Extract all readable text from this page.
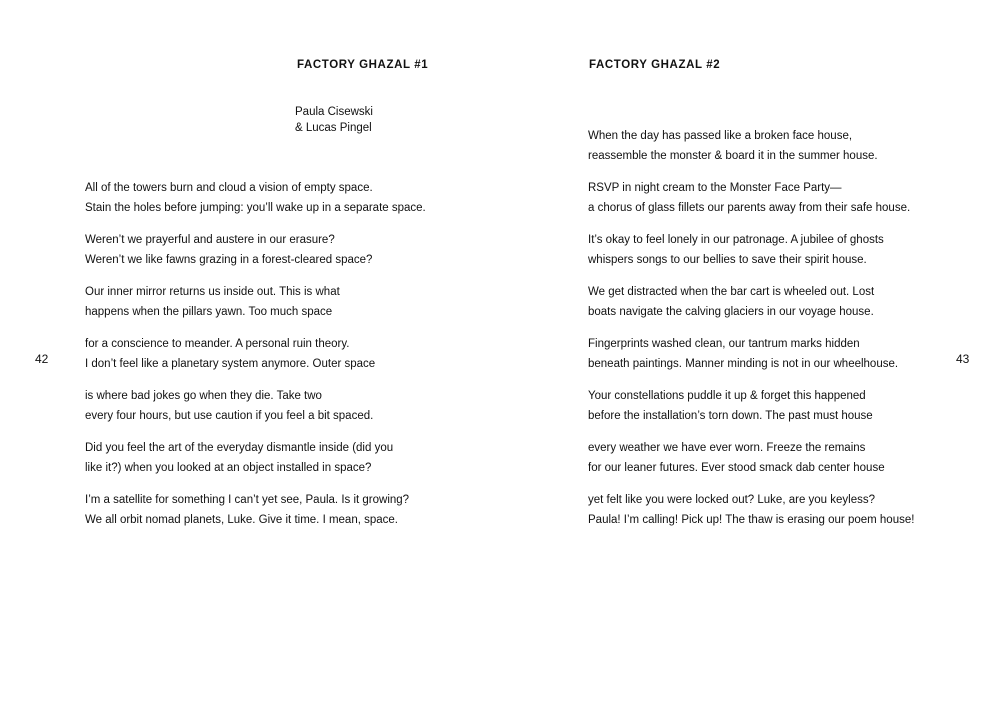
FACTORY GHAZAL #1
Paula Cisewski
& Lucas Pingel
All of the towers burn and cloud a vision of empty space.
Stain the holes before jumping: you’ll wake up in a separate space.
Weren’t we prayerful and austere in our erasure?
Weren’t we like fawns grazing in a forest-cleared space?
Our inner mirror returns us inside out. This is what
happens when the pillars yawn. Too much space
for a conscience to meander. A personal ruin theory.
I don’t feel like a planetary system anymore. Outer space
is where bad jokes go when they die. Take two
every four hours, but use caution if you feel a bit spaced.
Did you feel the art of the everyday dismantle inside (did you
like it?) when you looked at an object installed in space?
I’m a satellite for something I can’t yet see, Paula. Is it growing?
We all orbit nomad planets, Luke. Give it time. I mean, space.
42
FACTORY GHAZAL #2
When the day has passed like a broken face house,
reassemble the monster & board it in the summer house.
RSVP in night cream to the Monster Face Party—
a chorus of glass fillets our parents away from their safe house.
It’s okay to feel lonely in our patronage. A jubilee of ghosts
whispers songs to our bellies to save their spirit house.
We get distracted when the bar cart is wheeled out. Lost
boats navigate the calving glaciers in our voyage house.
Fingerprints washed clean, our tantrum marks hidden
beneath paintings. Manner minding is not in our wheelhouse.
Your constellations puddle it up & forget this happened
before the installation’s torn down. The past must house
every weather we have ever worn. Freeze the remains
for our leaner futures. Ever stood smack dab center house
yet felt like you were locked out? Luke, are you keyless?
Paula! I’m calling! Pick up! The thaw is erasing our poem house!
43
